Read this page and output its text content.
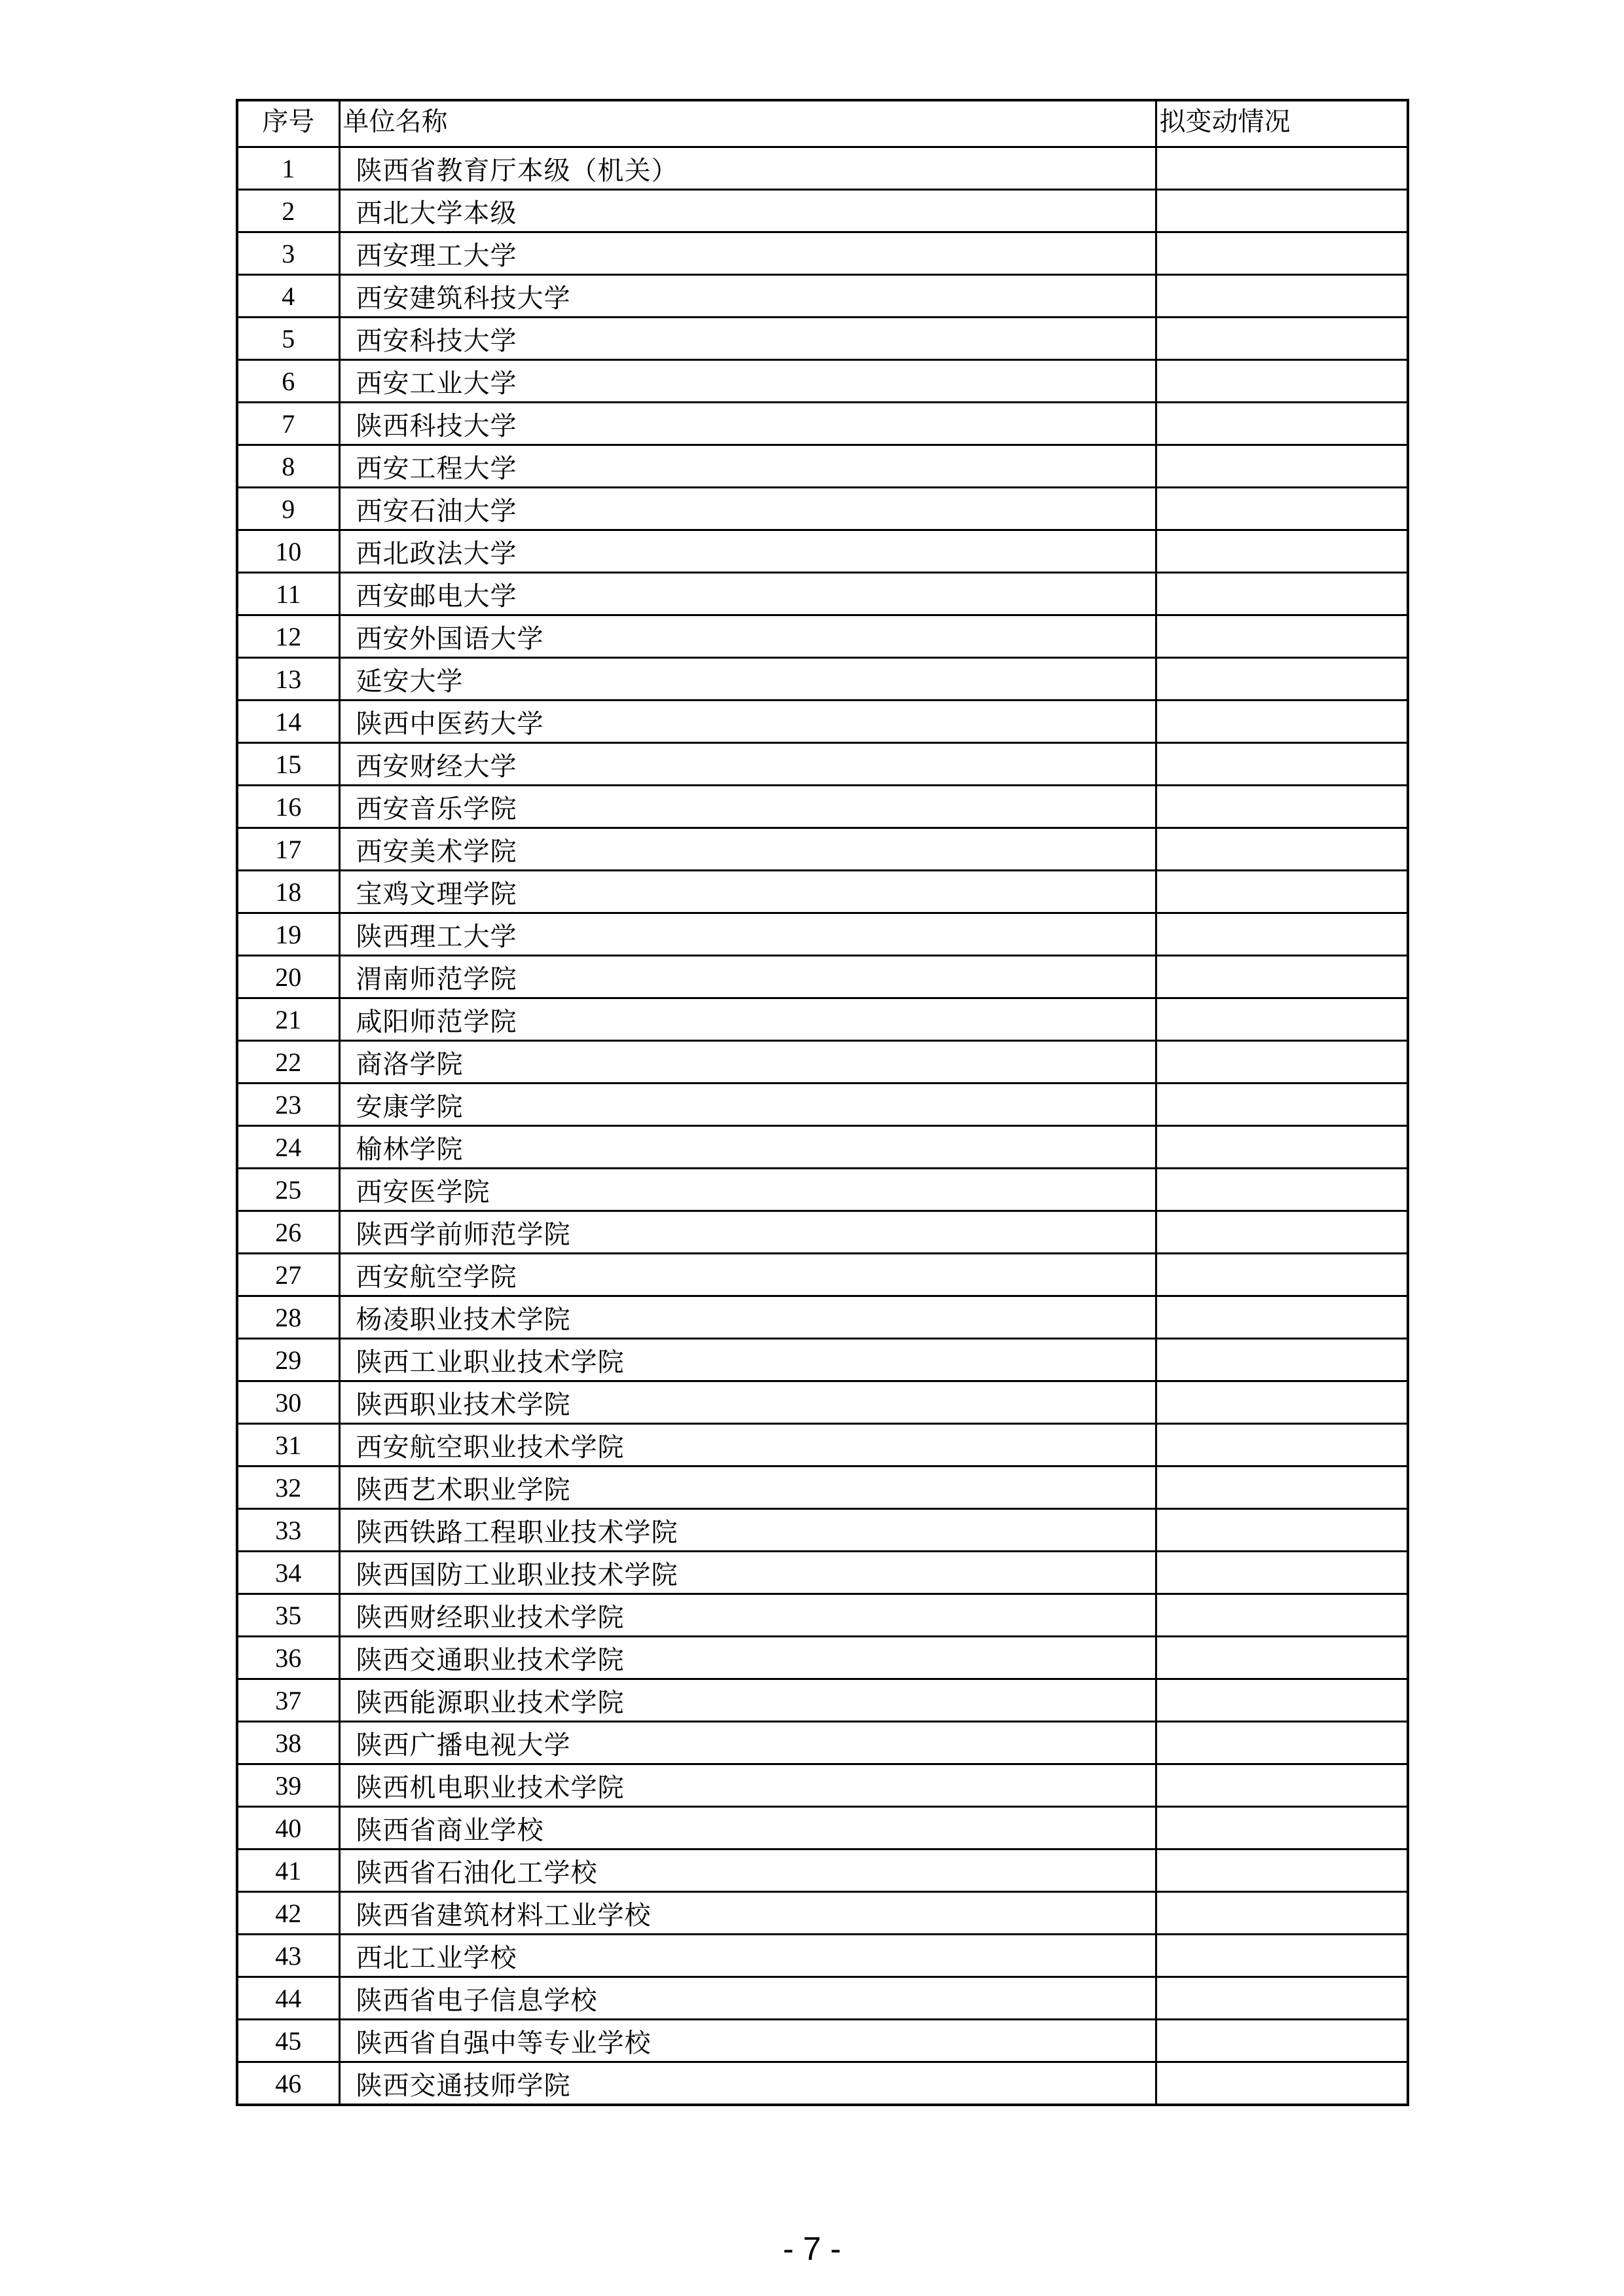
序号	单位名称	拟变动情况
1	陕西省教育厅本级（机关）	
2	西北大学本级	
3	西安理工大学	
4	西安建筑科技大学	
5	西安科技大学	
6	西安工业大学	
7	陕西科技大学	
8	西安工程大学	
9	西安石油大学	
10	西北政法大学	
11	西安邮电大学	
12	西安外国语大学	
13	延安大学	
14	陕西中医药大学	
15	西安财经大学	
16	西安音乐学院	
17	西安美术学院	
18	宝鸡文理学院	
19	陕西理工大学	
20	渭南师范学院	
21	咸阳师范学院	
22	商洛学院	
23	安康学院	
24	榆林学院	
25	西安医学院	
26	陕西学前师范学院	
27	西安航空学院	
28	杨凌职业技术学院	
29	陕西工业职业技术学院	
30	陕西职业技术学院	
31	西安航空职业技术学院	
32	陕西艺术职业学院	
33	陕西铁路工程职业技术学院	
34	陕西国防工业职业技术学院	
35	陕西财经职业技术学院	
36	陕西交通职业技术学院	
37	陕西能源职业技术学院	
38	陕西广播电视大学	
39	陕西机电职业技术学院	
40	陕西省商业学校	
41	陕西省石油化工学校	
42	陕西省建筑材料工业学校	
43	西北工业学校	
44	陕西省电子信息学校	
45	陕西省自强中等专业学校	
46	陕西交通技师学院	
- 7 -
